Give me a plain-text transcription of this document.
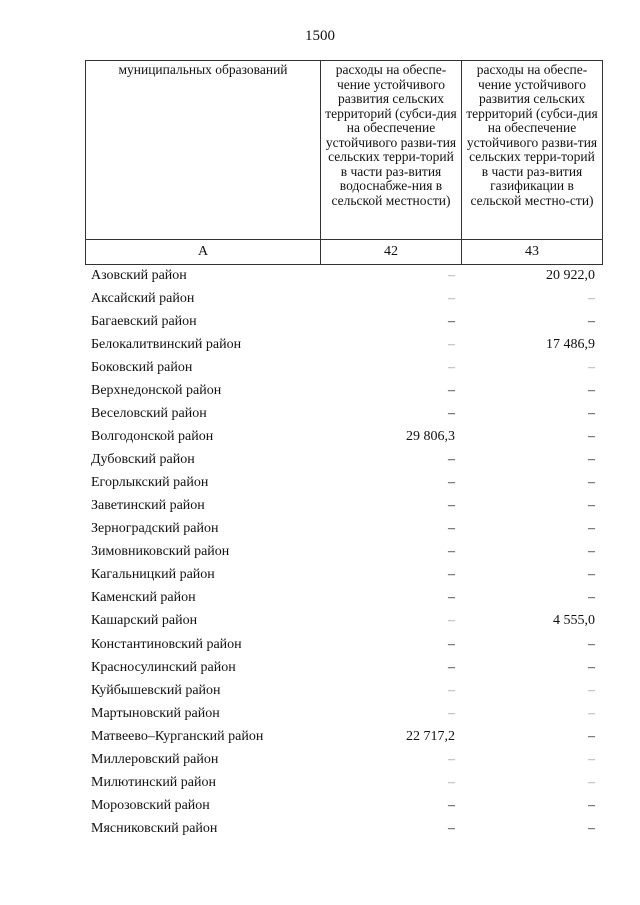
1500
муниципальных образований	расходы на обеспе-чение устойчивого развития сельских территорий (субси-дия на обеспечение устойчивого разви-тия сельских терри-торий в части раз-вития водоснабже-ния в сельской местности)	расходы на обеспе-чение устойчивого развития сельских территорий (субси-дия на обеспечение устойчивого разви-тия сельских терри-торий в части раз-вития газификации в сельской местно-сти)
А	42	43
Азовский район	–	20 922,0
Аксайский район	–	–
Багаевский район	–	–
Белокалитвинский район	–	17 486,9
Боковский район	–	–
Верхнедонской район	–	–
Веселовский район	–	–
Волгодонской район	29 806,3	–
Дубовский район	–	–
Егорлыкский район	–	–
Заветинский район	–	–
Зерноградский район	–	–
Зимовниковский район	–	–
Кагальницкий район	–	–
Каменский район	–	–
Кашарский район	–	4 555,0
Константиновский район	–	–
Красносулинский район	–	–
Куйбышевский район	–	–
Мартыновский район	–	–
Матвеево–Курганский район	22 717,2	–
Миллеровский район	–	–
Милютинский район	–	–
Морозовский район	–	–
Мясниковский район	–	–
